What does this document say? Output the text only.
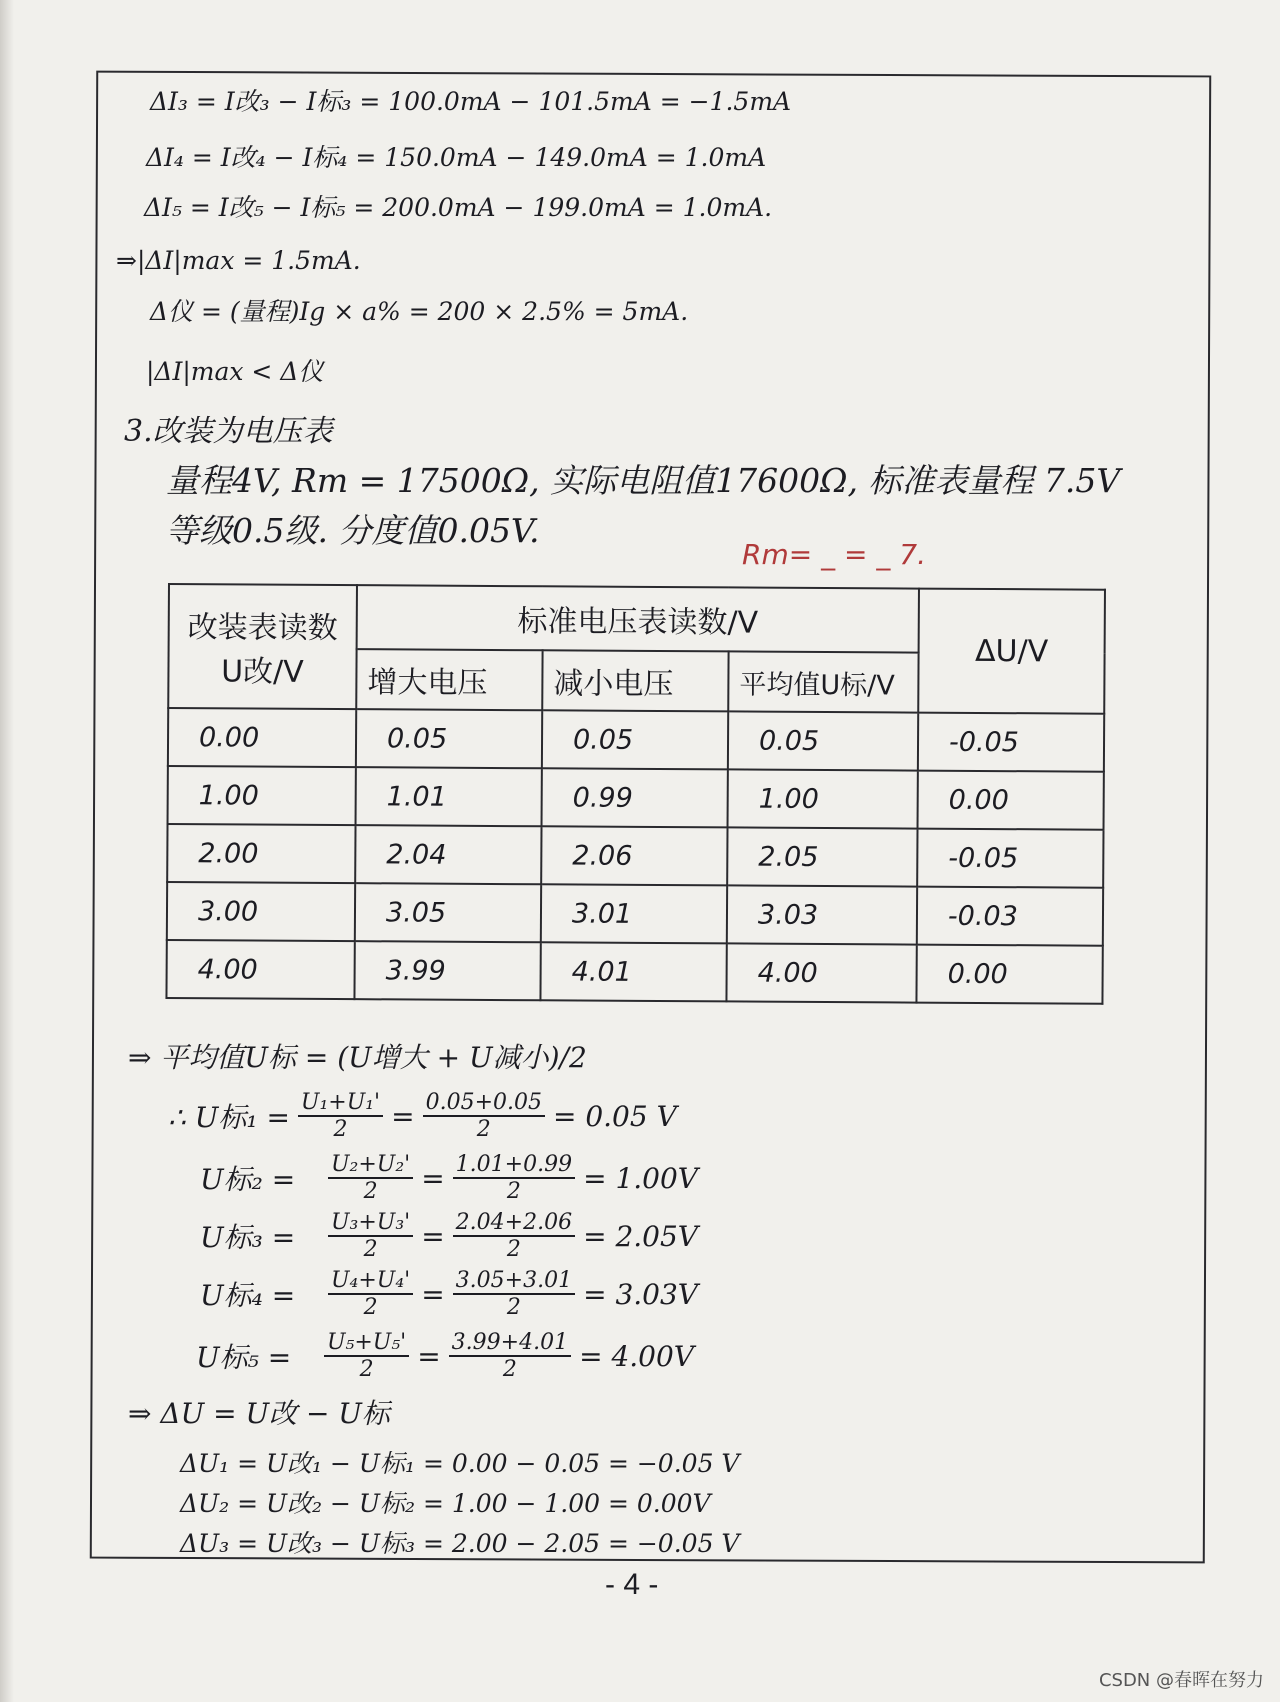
ΔI₃ = I改₃ − I标₃ = 100.0mA − 101.5mA = −1.5mA
ΔI₄ = I改₄ − I标₄ = 150.0mA − 149.0mA = 1.0mA
ΔI₅ = I改₅ − I标₅ = 200.0mA − 199.0mA = 1.0mA.
⇒|ΔI|max = 1.5mA.
Δ仪 = (量程)Ig × a% = 200 × 2.5% = 5mA.
|ΔI|max < Δ仪
3.改装为电压表
量程4V, Rm = 17500Ω, 实际电阻值17600Ω, 标准表量程 7.5V
等级0.5级. 分度值0.05V.
Rm= _ = _ 7.
改装表读数
U改/V	标准电压表读数/V			ΔU/V
	增大电压	减小电压	平均值U标/V	
0.00	0.05	0.05	0.05	-0.05
1.00	1.01	0.99	1.00	0.00
2.00	2.04	2.06	2.05	-0.05
3.00	3.05	3.01	3.03	-0.03
4.00	3.99	4.01	4.00	0.00
⇒ 平均值U标 = (U增大 + U减小)/2
∴ U标$_1 = \frac{\text{U₁+U₁'}}{2} = \frac{0.05+0.05}{2} = 0.05$ V
U标₂ =	$\frac{\text{U₂+U₂'}}{2} = \frac{1.01+0.99}{2} = 1.00V$
U标₃ =	$\frac{\text{U₃+U₃'}}{2} = \frac{2.04+2.06}{2} = 2.05V$
U标₄ =	$\frac{\text{U₄+U₄'}}{2} = \frac{3.05+3.01}{2} = 3.03V$
U标₅ =	$\frac{\text{U₅+U₅'}}{2} = \frac{3.99+4.01}{2} = 4.00V$
⇒ ΔU = U改 − U标
ΔU₁ = U改₁ − U标₁ = 0.00 − 0.05 = −0.05 V
ΔU₂ = U改₂ − U标₂ = 1.00 − 1.00 = 0.00V
ΔU₃ = U改₃ − U标₃ = 2.00 − 2.05 = −0.05 V
- 4 -
CSDN @春晖在努力
